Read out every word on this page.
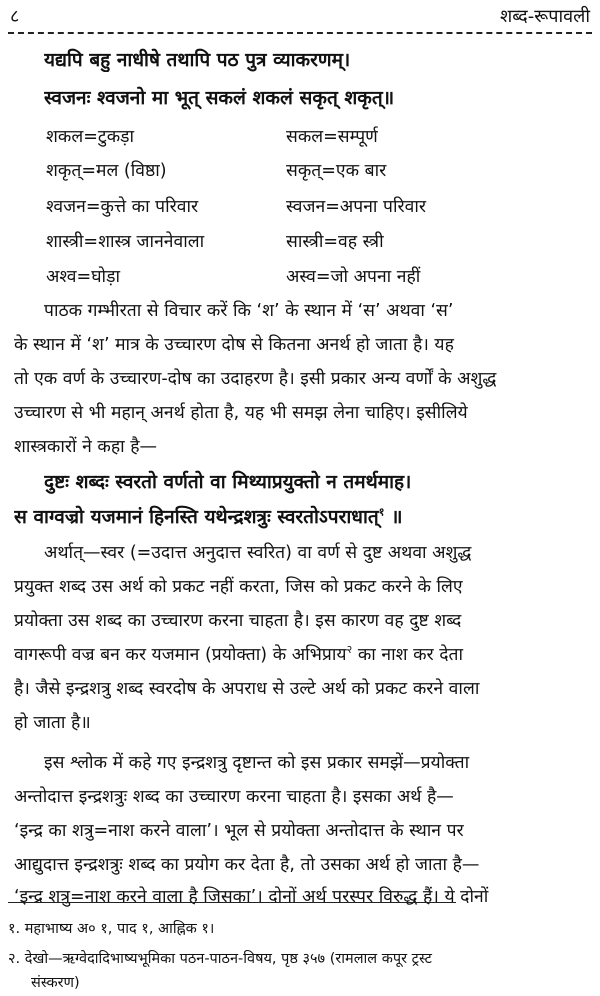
८	शब्द-रूपावली
यद्यपि बहु नाधीषे तथापि पठ पुत्र व्याकरणम्।
स्वजनः श्वजनो मा भूत् सकलं शकलं सकृत् शकृत्॥
शकल=टुकड़ा	सकल=सम्पूर्ण
शकृत्=मल (विष्ठा)	सकृत्=एक बार
श्वजन=कुत्ते का परिवार	स्वजन=अपना परिवार
शास्त्री=शास्त्र जाननेवाला	सास्त्री=वह स्त्री
अश्व=घोड़ा	अस्व=जो अपना नहीं
पाठक गम्भीरता से विचार करें कि ‘श’ के स्थान में ‘स’ अथवा ‘स’
के स्थान में ‘श’ मात्र के उच्चारण दोष से कितना अनर्थ हो जाता है। यह
तो एक वर्ण के उच्चारण-दोष का उदाहरण है। इसी प्रकार अन्य वर्णों के अशुद्ध
उच्चारण से भी महान् अनर्थ होता है, यह भी समझ लेना चाहिए। इसीलिये
शास्त्रकारों ने कहा है—
दुष्टः शब्दः स्वरतो वर्णतो वा मिथ्याप्रयुक्तो न तमर्थमाह।
स वाग्वज्रो यजमानं हिनस्ति यथेन्द्रशत्रुः स्वरतोऽपराधात्$^१$ ॥
अर्थात्—स्वर (=उदात्त अनुदात्त स्वरित) वा वर्ण से दुष्ट अथवा अशुद्ध
प्रयुक्त शब्द उस अर्थ को प्रकट नहीं करता, जिस को प्रकट करने के लिए
प्रयोक्ता उस शब्द का उच्चारण करना चाहता है। इस कारण वह दुष्ट शब्द
वागरूपी वज्र बन कर यजमान (प्रयोक्ता) के अभिप्राय$^२$ का नाश कर देता
है। जैसे इन्द्रशत्रु शब्द स्वरदोष के अपराध से उल्टे अर्थ को प्रकट करने वाला
हो जाता है॥
इस श्लोक में कहे गए इन्द्रशत्रु दृष्टान्त को इस प्रकार समझें—प्रयोक्ता
अन्तोदात्त इन्द्रशत्रुः शब्द का उच्चारण करना चाहता है। इसका अर्थ है—
‘इन्द्र का शत्रु=नाश करने वाला’। भूल से प्रयोक्ता अन्तोदात्त के स्थान पर
आद्युदात्त इन्द्रशत्रुः शब्द का प्रयोग कर देता है, तो उसका अर्थ हो जाता है—
‘इन्द्र शत्रु=नाश करने वाला है जिसका’। दोनों अर्थ परस्पर विरुद्ध हैं। ये दोनों
१. महाभाष्य अ० १, पाद १, आह्निक १।
२. देखो—ऋग्वेदादिभाष्यभूमिका पठन-पाठन-विषय, पृष्ठ ३५७ (रामलाल कपूर ट्रस्ट
संस्करण)
